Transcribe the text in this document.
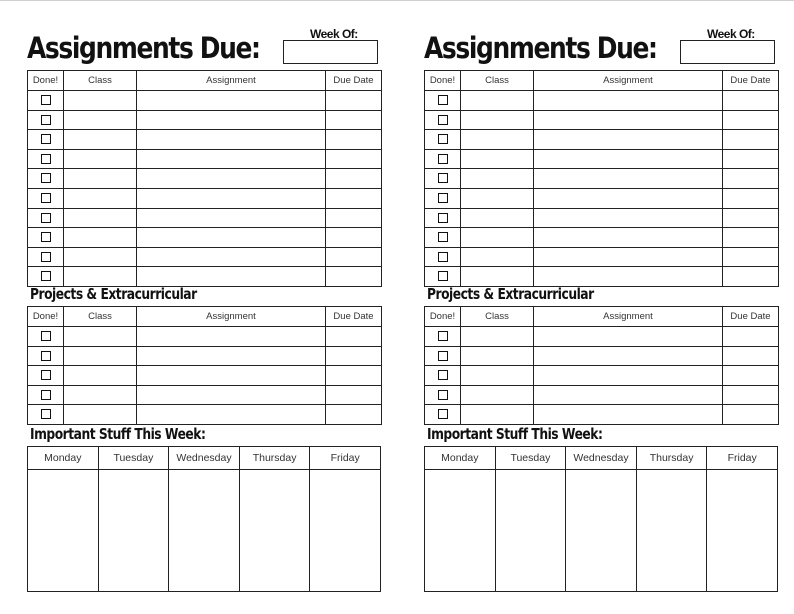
Assignments Due:	Week Of:
Done!	Class	Assignment	Due Date

Projects & Extracurricular
Done!	Class	Assignment	Due Date

Important Stuff This Week:
Monday	Tuesday	Wednesday	Thursday	Friday
Assignments Due:	Week Of:
Done!	Class	Assignment	Due Date

Projects & Extracurricular
Done!	Class	Assignment	Due Date

Important Stuff This Week:
Monday	Tuesday	Wednesday	Thursday	Friday
